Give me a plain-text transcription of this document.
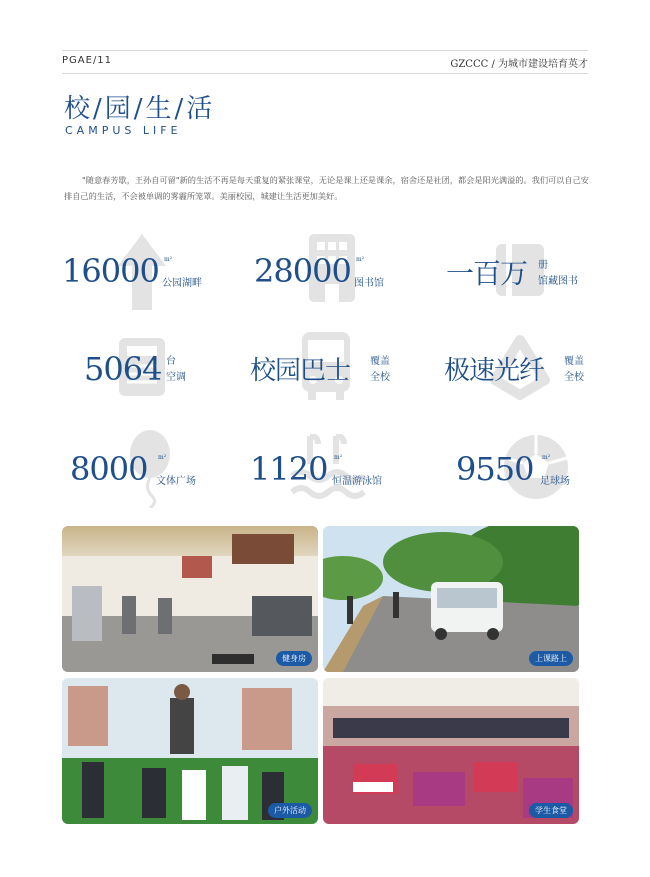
PGAE/11	GZCCC / 为城市建设培育英才
校/园/生/活
CAMPUS LIFE
"随意春芳歇，王孙自可留"新的生活不再是每天重复的紧张课堂，无论是课上还是课余，宿舍还是社团，都会是阳光满溢的。我们可以自己安排自己的生活，不会被单调的雾霾所笼罩。美丽校园，城建让生活更加美好。
16000 m²
公园湖畔 28000 m²
图书馆 一百万 册
馆藏图书
5064 台
空调 校园巴士 覆盖
全校 极速光纤 覆盖
全校
8000 m²
文体广场 1120 m²
恒温游泳馆 9550 m²
足球场
健身房	上课路上
户外活动	学生食堂
